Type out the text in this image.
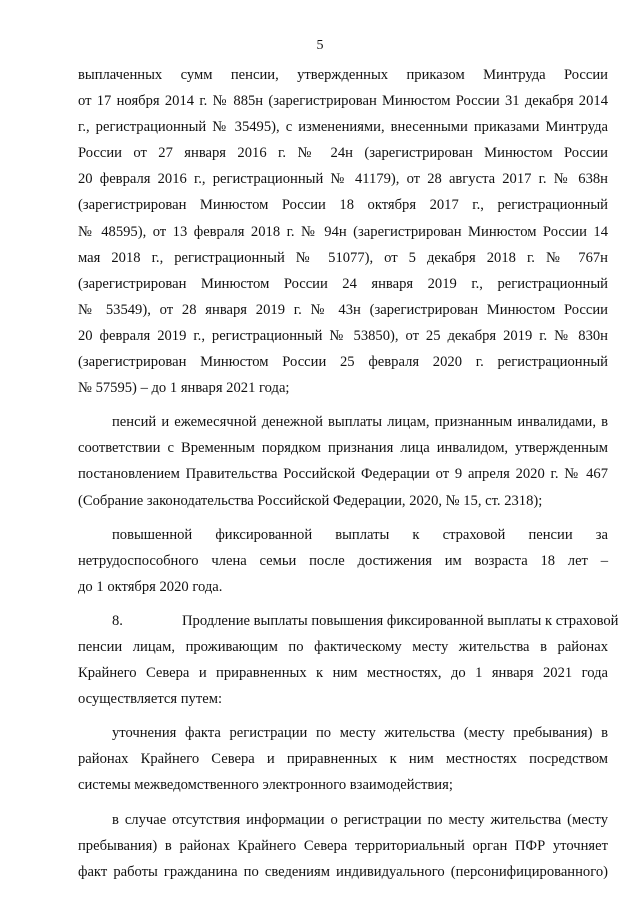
5
выплаченных сумм пенсии, утвержденных приказом Минтруда России
от 17 ноября 2014 г. № 885н (зарегистрирован Минюстом России 31 декабря 2014
г., регистрационный № 35495), с изменениями, внесенными приказами Минтруда
России от 27 января 2016 г. № 24н (зарегистрирован Минюстом России
20 февраля 2016 г., регистрационный № 41179), от 28 августа 2017 г. № 638н
(зарегистрирован Минюстом России 18 октября 2017 г., регистрационный
№ 48595), от 13 февраля 2018 г. № 94н (зарегистрирован Минюстом России 14
мая 2018 г., регистрационный № 51077), от 5 декабря 2018 г. № 767н
(зарегистрирован Минюстом России 24 января 2019 г., регистрационный
№ 53549), от 28 января 2019 г. № 43н (зарегистрирован Минюстом России
20 февраля 2019 г., регистрационный № 53850), от 25 декабря 2019 г. № 830н
(зарегистрирован Минюстом России 25 февраля 2020 г. регистрационный
№ 57595) – до 1 января 2021 года;
пенсий и ежемесячной денежной выплаты лицам, признанным инвалидами, в
соответствии с Временным порядком признания лица инвалидом, утвержденным
постановлением Правительства Российской Федерации от 9 апреля 2020 г. № 467
(Собрание законодательства Российской Федерации, 2020, № 15, ст. 2318);
повышенной фиксированной выплаты к страховой пенсии за
нетрудоспособного члена семьи после достижения им возраста 18 лет –
до 1 октября 2020 года.
8.	Продление выплаты повышения фиксированной выплаты к страховой
пенсии лицам, проживающим по фактическому месту жительства в районах
Крайнего Севера и приравненных к ним местностях, до 1 января 2021 года
осуществляется путем:
уточнения факта регистрации по месту жительства (месту пребывания) в
районах Крайнего Севера и приравненных к ним местностях посредством
системы межведомственного электронного взаимодействия;
в случае отсутствия информации о регистрации по месту жительства (месту
пребывания) в районах Крайнего Севера территориальный орган ПФР уточняет
факт работы гражданина по сведениям индивидуального (персонифицированного)
